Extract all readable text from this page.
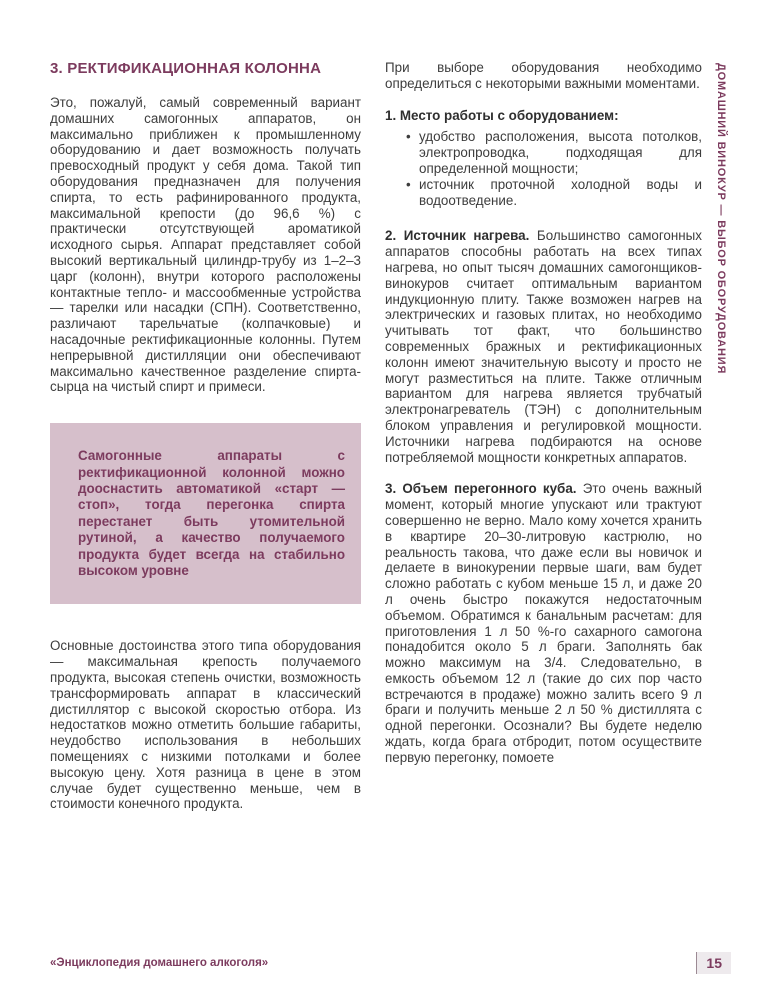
ДОМАШНИЙ ВИНОКУР — ВЫБОР ОБОРУДОВАНИЯ
3. РЕКТИФИКАЦИОННАЯ КОЛОННА

Это, пожалуй, самый современный вариант домашних самогонных аппаратов, он максимально приближен к промышленному оборудованию и дает возможность получать превосходный продукт у себя дома. Такой тип оборудования предназначен для получения спирта, то есть рафинированного продукта, максимальной крепости (до 96,6 %) с практически отсутствующей ароматикой исходного сырья. Аппарат представляет собой высокий вертикальный цилиндр-трубу из 1–2–3 царг (колонн), внутри которого расположены контактные тепло- и массообменные устройства — тарелки или насадки (СПН). Соответственно, различают тарельчатые (колпачковые) и насадочные ректификационные колонны. Путем непрерывной дистилляции они обеспечивают максимально качественное разделение спирта-сырца на чистый спирт и примеси.

Самогонные аппараты с ректификационной колонной можно дооснастить автоматикой «старт — стоп», тогда перегонка спирта перестанет быть утомительной рутиной, а качество получаемого продукта будет всегда на стабильно высоком уровне

Основные достоинства этого типа оборудования — максимальная крепость получаемого продукта, высокая степень очистки, возможность трансформировать аппарат в классический дистиллятор с высокой скоростью отбора. Из недостатков можно отметить большие габариты, неудобство использования в небольших помещениях с низкими потолками и более высокую цену. Хотя разница в цене в этом случае будет существенно меньше, чем в стоимости конечного продукта.

При выборе оборудования необходимо определиться с некоторыми важными моментами.

1. Место работы с оборудованием:

• удобство расположения, высота потолков, электропроводка, подходящая для определенной мощности;
• источник проточной холодной воды и водоотведение.

2. Источник нагрева. Большинство самогонных аппаратов способны работать на всех типах нагрева, но опыт тысяч домашних самогонщиков-винокуров считает оптимальным вариантом индукционную плиту. Также возможен нагрев на электрических и газовых плитах, но необходимо учитывать тот факт, что большинство современных бражных и ректификационных колонн имеют значительную высоту и просто не могут разместиться на плите. Также отличным вариантом для нагрева является трубчатый электронагреватель (ТЭН) с дополнительным блоком управления и регулировкой мощности. Источники нагрева подбираются на основе потребляемой мощности конкретных аппаратов.

3. Объем перегонного куба. Это очень важный момент, который многие упускают или трактуют совершенно не верно. Мало кому хочется хранить в квартире 20–30-литровую кастрюлю, но реальность такова, что даже если вы новичок и делаете в винокурении первые шаги, вам будет сложно работать с кубом меньше 15 л, и даже 20 л очень быстро покажутся недостаточным объемом. Обратимся к банальным расчетам: для приготовления 1 л 50 %-го сахарного самогона понадобится около 5 л браги. Заполнять бак можно максимум на 3/4. Следовательно, в емкость объемом 12 л (такие до сих пор часто встречаются в продаже) можно залить всего 9 л браги и получить меньше 2 л 50 % дистиллята с одной перегонки. Осознали? Вы будете неделю ждать, когда брага отбродит, потом осуществите первую перегонку, помоете

«Энциклопедия домашнего алкоголя»	15
